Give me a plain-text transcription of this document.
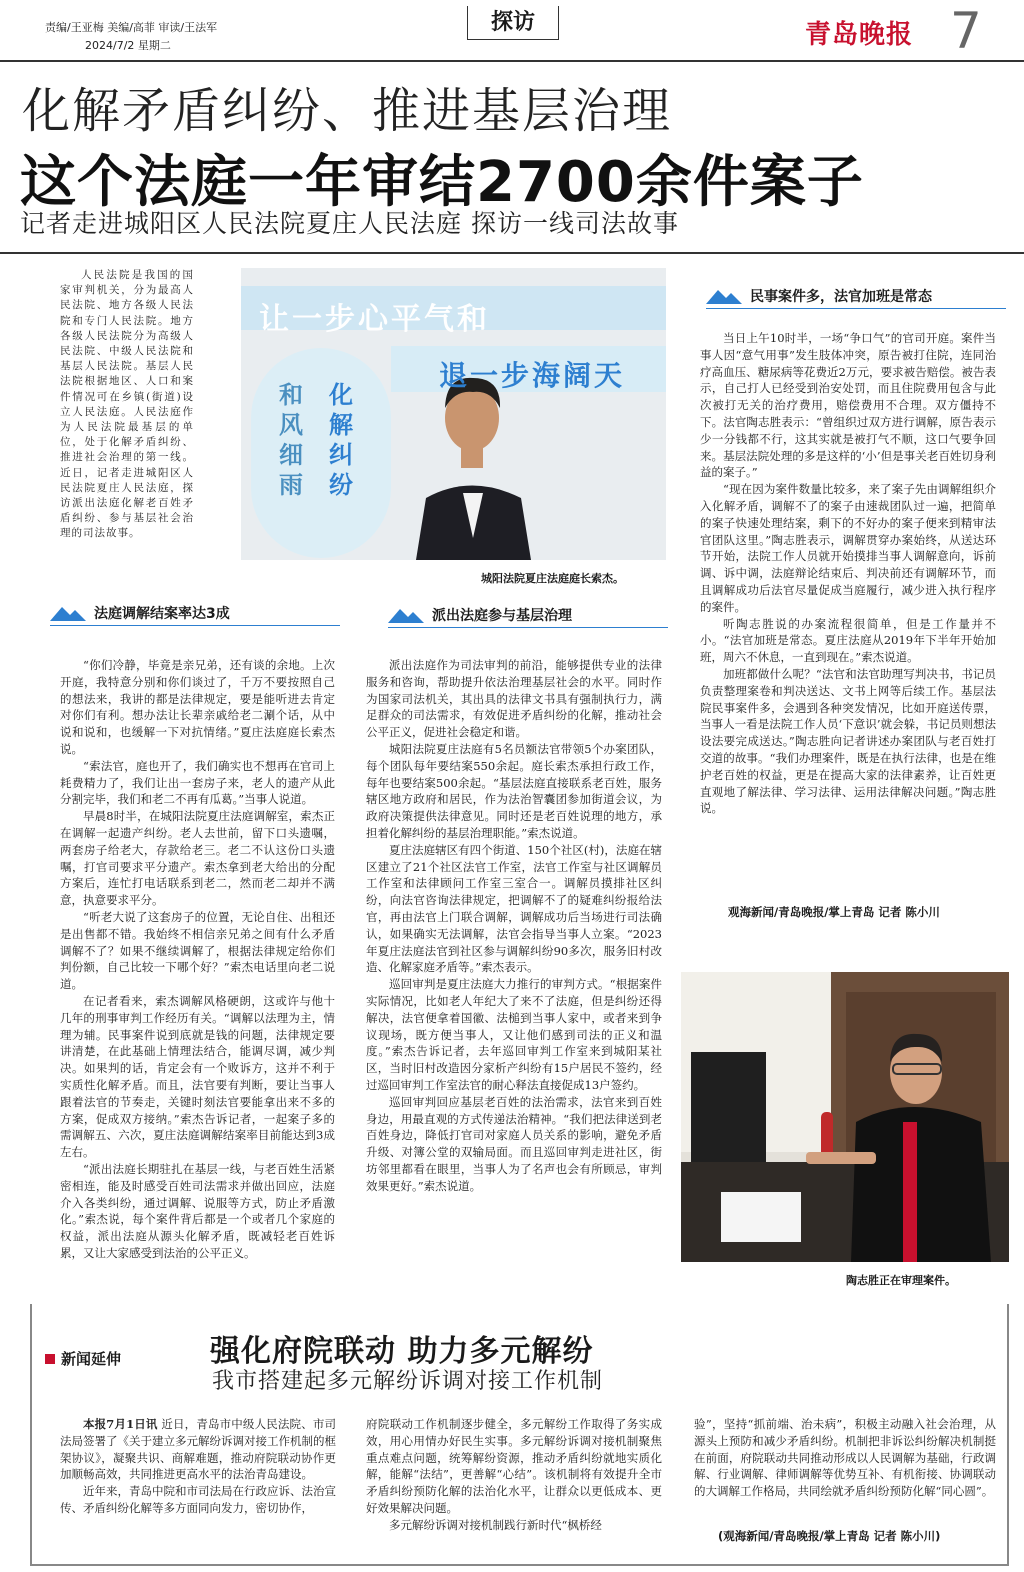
责编/王亚梅 美编/高菲 审读/王法军
2024/7/2 星期二
探访	青岛晚报 7
化解矛盾纠纷、推进基层治理
这个法庭一年审结2700余件案子
记者走进城阳区人民法院夏庄人民法庭 探访一线司法故事

人民法院是我国的国家审判机关，分为最高人民法院、地方各级人民法院和专门人民法院。地方各级人民法院分为高级人民法院、中级人民法院和基层人民法院。基层人民法院根据地区、人口和案件情况可在乡镇(街道)设立人民法庭。人民法庭作为人民法院最基层的单位，处于化解矛盾纠纷、推进社会治理的第一线。近日，记者走进城阳区人民法院夏庄人民法庭，探访派出法庭化解老百姓矛盾纠纷、参与基层社会治理的司法故事。

让一步心平气和
退一步海阔天
和风细雨
化解纠纷
城阳法院夏庄法庭庭长索杰。
民事案件多，法官加班是常态

当日上午10时半，一场“争口气”的官司开庭。案件当事人因“意气用事”发生肢体冲突，原告被打住院，连同治疗高血压、糖尿病等花费近2万元，要求被告赔偿。被告表示，自己打人已经受到治安处罚，而且住院费用包含与此次被打无关的治疗费用，赔偿费用不合理。双方僵持不下。法官陶志胜表示：“曾组织过双方进行调解，原告表示少一分钱都不行，这其实就是被打气不顺，这口气要争回来。基层法院处理的多是这样的‘小’但是事关老百姓切身利益的案子。”

“现在因为案件数量比较多，来了案子先由调解组织介入化解矛盾，调解不了的案子由速裁团队过一遍，把简单的案子快速处理结案，剩下的不好办的案子便来到精审法官团队这里。”陶志胜表示，调解贯穿办案始终，从送达环节开始，法院工作人员就开始摸排当事人调解意向，诉前调、诉中调，法庭辩论结束后、判决前还有调解环节，而且调解成功后法官尽量促成当庭履行，减少进入执行程序的案件。

听陶志胜说的办案流程很简单，但是工作量并不小。“法官加班是常态。夏庄法庭从2019年下半年开始加班，周六不休息，一直到现在。”索杰说道。

加班都做什么呢？“法官和法官助理写判决书，书记员负责整理案卷和判决送达、文书上网等后续工作。基层法院民事案件多，会遇到各种突发情况，比如开庭送传票，当事人一看是法院工作人员‘下意识’就会躲，书记员则想法设法要完成送达。”陶志胜向记者讲述办案团队与老百姓打交道的故事。“我们办理案件，既是在执行法律，也是在维护老百姓的权益，更是在提高大家的法律素养，让百姓更直观地了解法律、学习法律、运用法律解决问题。”陶志胜说。

观海新闻/青岛晚报/掌上青岛 记者 陈小川
法庭调解结案率达3成

“你们冷静，毕竟是亲兄弟，还有谈的余地。上次开庭，我特意分别和你们谈过了，千万不要按照自己的想法来，我讲的都是法律规定，要是能听进去肯定对你们有利。想办法让长辈亲戚给老二涮个话，从中说和说和，也缓解一下对抗情绪。”夏庄法庭庭长索杰说。

“索法官，庭也开了，我们确实也不想再在官司上耗费精力了，我们让出一套房子来，老人的遗产从此分割完毕，我们和老二不再有瓜葛。”当事人说道。

早晨8时半，在城阳法院夏庄法庭调解室，索杰正在调解一起遗产纠纷。老人去世前，留下口头遗嘱，两套房子给老大，存款给老三。老二不认这份口头遗嘱，打官司要求平分遗产。索杰拿到老大给出的分配方案后，连忙打电话联系到老二，然而老二却并不满意，执意要求平分。

“听老大说了这套房子的位置，无论自住、出租还是出售都不错。我始终不相信亲兄弟之间有什么矛盾调解不了？如果不继续调解了，根据法律规定给你们判份额，自己比较一下哪个好？”索杰电话里向老二说道。

在记者看来，索杰调解风格硬朗，这或许与他十几年的刑事审判工作经历有关。“调解以法理为主，情理为辅。民事案件说到底就是钱的问题，法律规定要讲清楚，在此基础上情理法结合，能调尽调，减少判决。如果判的话，肯定会有一个败诉方，这并不利于实质性化解矛盾。而且，法官要有判断，要让当事人跟着法官的节奏走，关键时刻法官要能拿出来不多的方案，促成双方接纳。”索杰告诉记者，一起案子多的需调解五、六次，夏庄法庭调解结案率目前能达到3成左右。

“派出法庭长期驻扎在基层一线，与老百姓生活紧密相连，能及时感受百姓司法需求并做出回应，法庭介入各类纠纷，通过调解、说服等方式，防止矛盾激化。”索杰说，每个案件背后都是一个或者几个家庭的权益，派出法庭从源头化解矛盾，既减轻老百姓诉累，又让大家感受到法治的公平正义。

派出法庭参与基层治理

派出法庭作为司法审判的前沿，能够提供专业的法律服务和咨询，帮助提升依法治理基层社会的水平。同时作为国家司法机关，其出具的法律文书具有强制执行力，满足群众的司法需求，有效促进矛盾纠纷的化解，推动社会公平正义，促进社会稳定和谐。

城阳法院夏庄法庭有5名员额法官带领5个办案团队，每个团队每年要结案550余起。庭长索杰承担行政工作，每年也要结案500余起。“基层法庭直接联系老百姓，服务辖区地方政府和居民，作为法治智囊团参加街道会议，为政府决策提供法律意见。同时还是老百姓说理的地方，承担着化解纠纷的基层治理职能。”索杰说道。

夏庄法庭辖区有四个街道、150个社区(村)，法庭在辖区建立了21个社区法官工作室，法官工作室与社区调解员工作室和法律顾问工作室三室合一。调解员摸排社区纠纷，向法官咨询法律规定，把调解不了的疑难纠纷报给法官，再由法官上门联合调解，调解成功后当场进行司法确认，如果确实无法调解，法官会指导当事人立案。“2023年夏庄法庭法官到社区参与调解纠纷90多次，服务旧村改造、化解家庭矛盾等。”索杰表示。

巡回审判是夏庄法庭大力推行的审判方式。“根据案件实际情况，比如老人年纪大了来不了法庭，但是纠纷还得解决，法官便拿着国徽、法槌到当事人家中，或者来到争议现场，既方便当事人，又让他们感到司法的正义和温度。”索杰告诉记者，去年巡回审判工作室来到城阳某社区，当时旧村改造因分家析产纠纷有15户居民不签约，经过巡回审判工作室法官的耐心释法直接促成13户签约。

巡回审判回应基层老百姓的法治需求，法官来到百姓身边，用最直观的方式传递法治精神。“我们把法律送到老百姓身边，降低打官司对家庭人员关系的影响，避免矛盾升级、对簿公堂的双输局面。而且巡回审判走进社区，街坊邻里都看在眼里，当事人为了名声也会有所顾忌，审判效果更好。”索杰说道。

陶志胜正在审理案件。
新闻延伸	强化府院联动 助力多元解纷
我市搭建起多元解纷诉调对接工作机制

本报7月1日讯 近日，青岛市中级人民法院、市司法局签署了《关于建立多元解纷诉调对接工作机制的框架协议》，凝聚共识、商解难题，推动府院联动协作更加顺畅高效，共同推进更高水平的法治青岛建设。

近年来，青岛中院和市司法局在行政应诉、法治宣传、矛盾纠纷化解等多方面同向发力，密切协作，

府院联动工作机制逐步健全，多元解纷工作取得了务实成效，用心用情办好民生实事。多元解纷诉调对接机制聚焦重点难点问题，统筹解纷资源，推动矛盾纠纷就地实质化解，能解“法结”，更善解“心结”。该机制将有效提升全市矛盾纠纷预防化解的法治化水平，让群众以更低成本、更好效果解决问题。

多元解纷诉调对接机制践行新时代“枫桥经

验”，坚持“抓前端、治未病”，积极主动融入社会治理，从源头上预防和减少矛盾纠纷。机制把非诉讼纠纷解决机制挺在前面，府院联动共同推动形成以人民调解为基础，行政调解、行业调解、律师调解等优势互补、有机衔接、协调联动的大调解工作格局，共同绘就矛盾纠纷预防化解“同心圆”。

(观海新闻/青岛晚报/掌上青岛 记者 陈小川)
